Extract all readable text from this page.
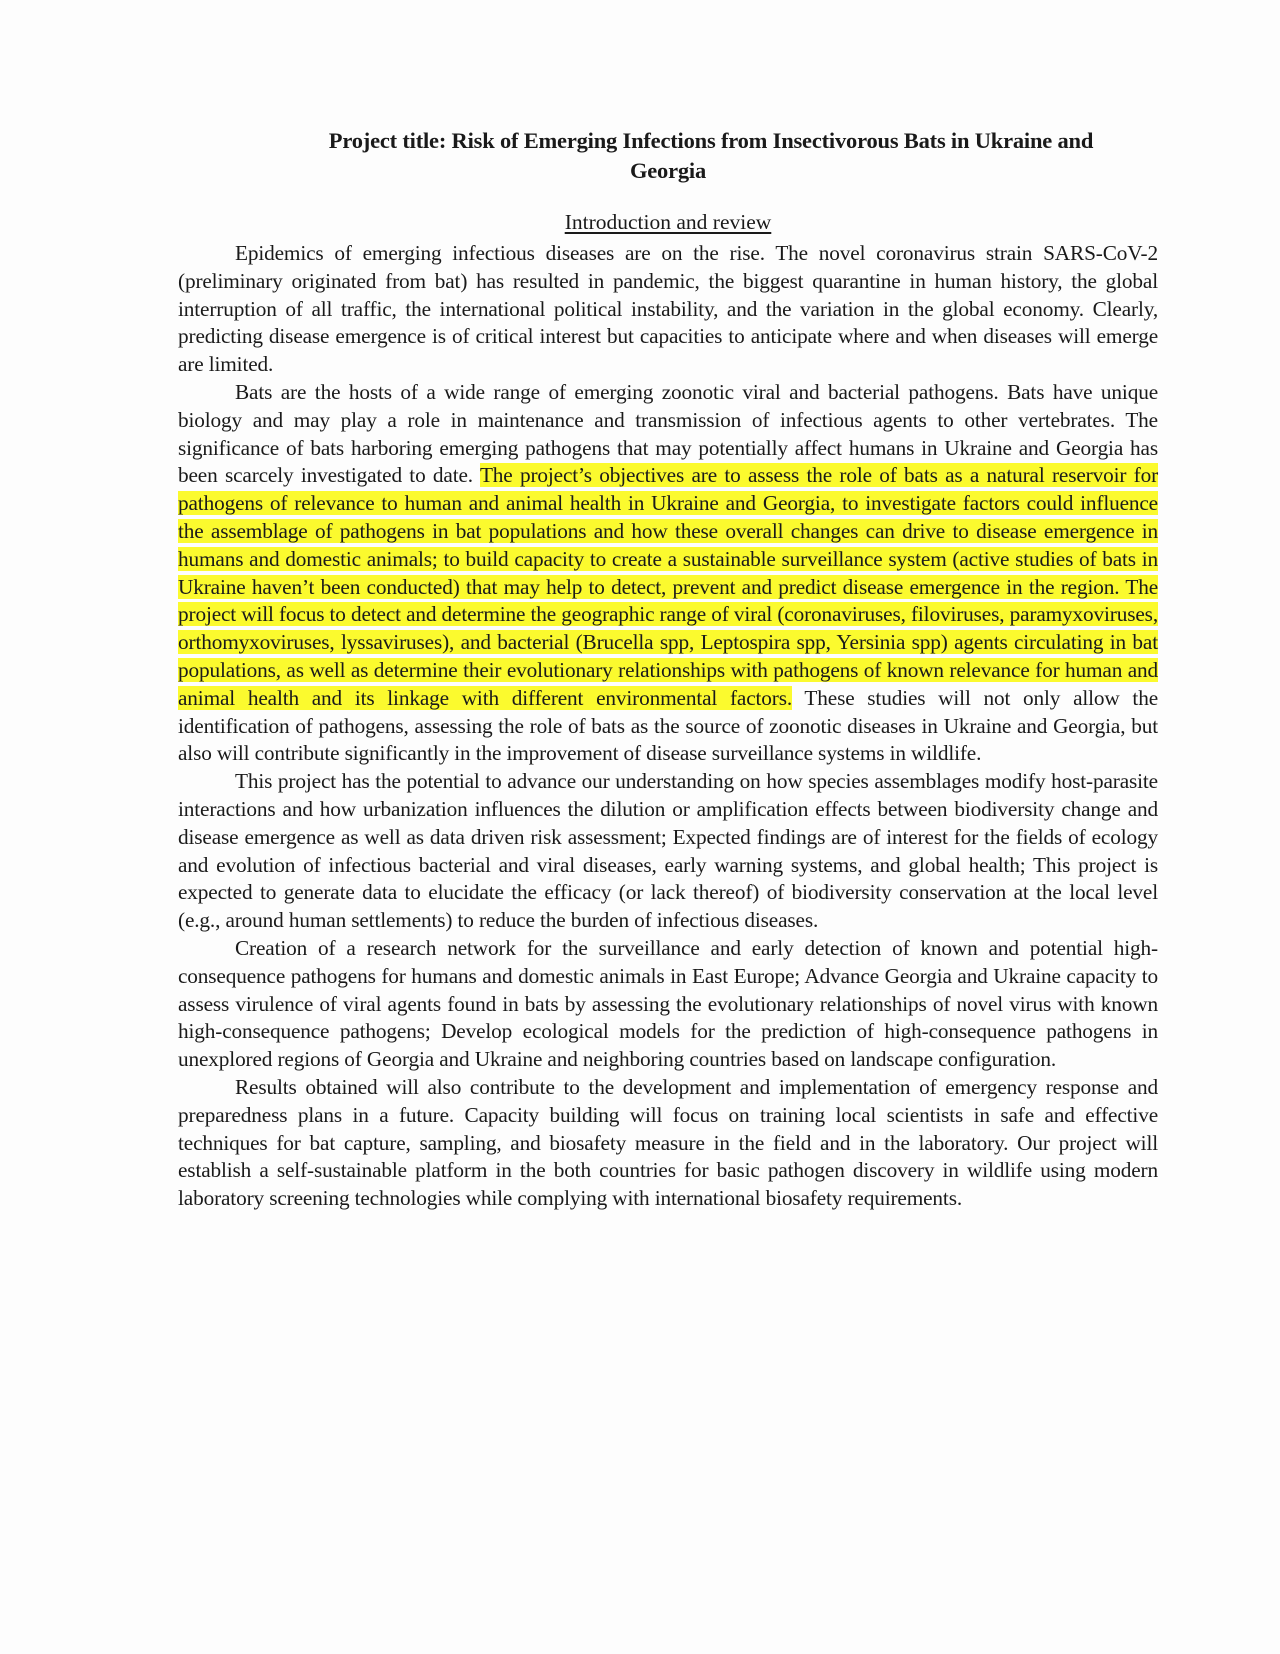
Project title: Risk of Emerging Infections from Insectivorous Bats in Ukraine and
Georgia
Introduction and review

Epidemics of emerging infectious diseases are on the rise. The novel coronavirus strain SARS-CoV-2 (preliminary originated from bat) has resulted in pandemic, the biggest quarantine in human history, the global interruption of all traffic, the international political instability, and the variation in the global economy. Clearly, predicting disease emergence is of critical interest but capacities to anticipate where and when diseases will emerge are limited.

Bats are the hosts of a wide range of emerging zoonotic viral and bacterial pathogens. Bats have unique biology and may play a role in maintenance and transmission of infectious agents to other vertebrates. The significance of bats harboring emerging pathogens that may potentially affect humans in Ukraine and Georgia has been scarcely investigated to date. The project’s objectives are to assess the role of bats as a natural reservoir for pathogens of relevance to human and animal health in Ukraine and Georgia, to investigate factors could influence the assemblage of pathogens in bat populations and how these overall changes can drive to disease emergence in humans and domestic animals; to build capacity to create a sustainable surveillance system (active studies of bats in Ukraine haven’t been conducted) that may help to detect, prevent and predict disease emergence in the region. The project will focus to detect and determine the geographic range of viral (coronaviruses, filoviruses, paramyxoviruses, orthomyxoviruses, lyssaviruses), and bacterial (Brucella spp, Leptospira spp, Yersinia spp) agents circulating in bat populations, as well as determine their evolutionary relationships with pathogens of known relevance for human and animal health and its linkage with different environmental factors. These studies will not only allow the identification of pathogens, assessing the role of bats as the source of zoonotic diseases in Ukraine and Georgia, but also will contribute significantly in the improvement of disease surveillance systems in wildlife.

This project has the potential to advance our understanding on how species assemblages modify host-parasite interactions and how urbanization influences the dilution or amplification effects between biodiversity change and disease emergence as well as data driven risk assessment; Expected findings are of interest for the fields of ecology and evolution of infectious bacterial and viral diseases, early warning systems, and global health; This project is expected to generate data to elucidate the efficacy (or lack thereof) of biodiversity conservation at the local level (e.g., around human settlements) to reduce the burden of infectious diseases.

Creation of a research network for the surveillance and early detection of known and potential high-consequence pathogens for humans and domestic animals in East Europe; Advance Georgia and Ukraine capacity to assess virulence of viral agents found in bats by assessing the evolutionary relationships of novel virus with known high-consequence pathogens; Develop ecological models for the prediction of high-consequence pathogens in unexplored regions of Georgia and Ukraine and neighboring countries based on landscape configuration.

Results obtained will also contribute to the development and implementation of emergency response and preparedness plans in a future. Capacity building will focus on training local scientists in safe and effective techniques for bat capture, sampling, and biosafety measure in the field and in the laboratory. Our project will establish a self-sustainable platform in the both countries for basic pathogen discovery in wildlife using modern laboratory screening technologies while complying with international biosafety requirements.
